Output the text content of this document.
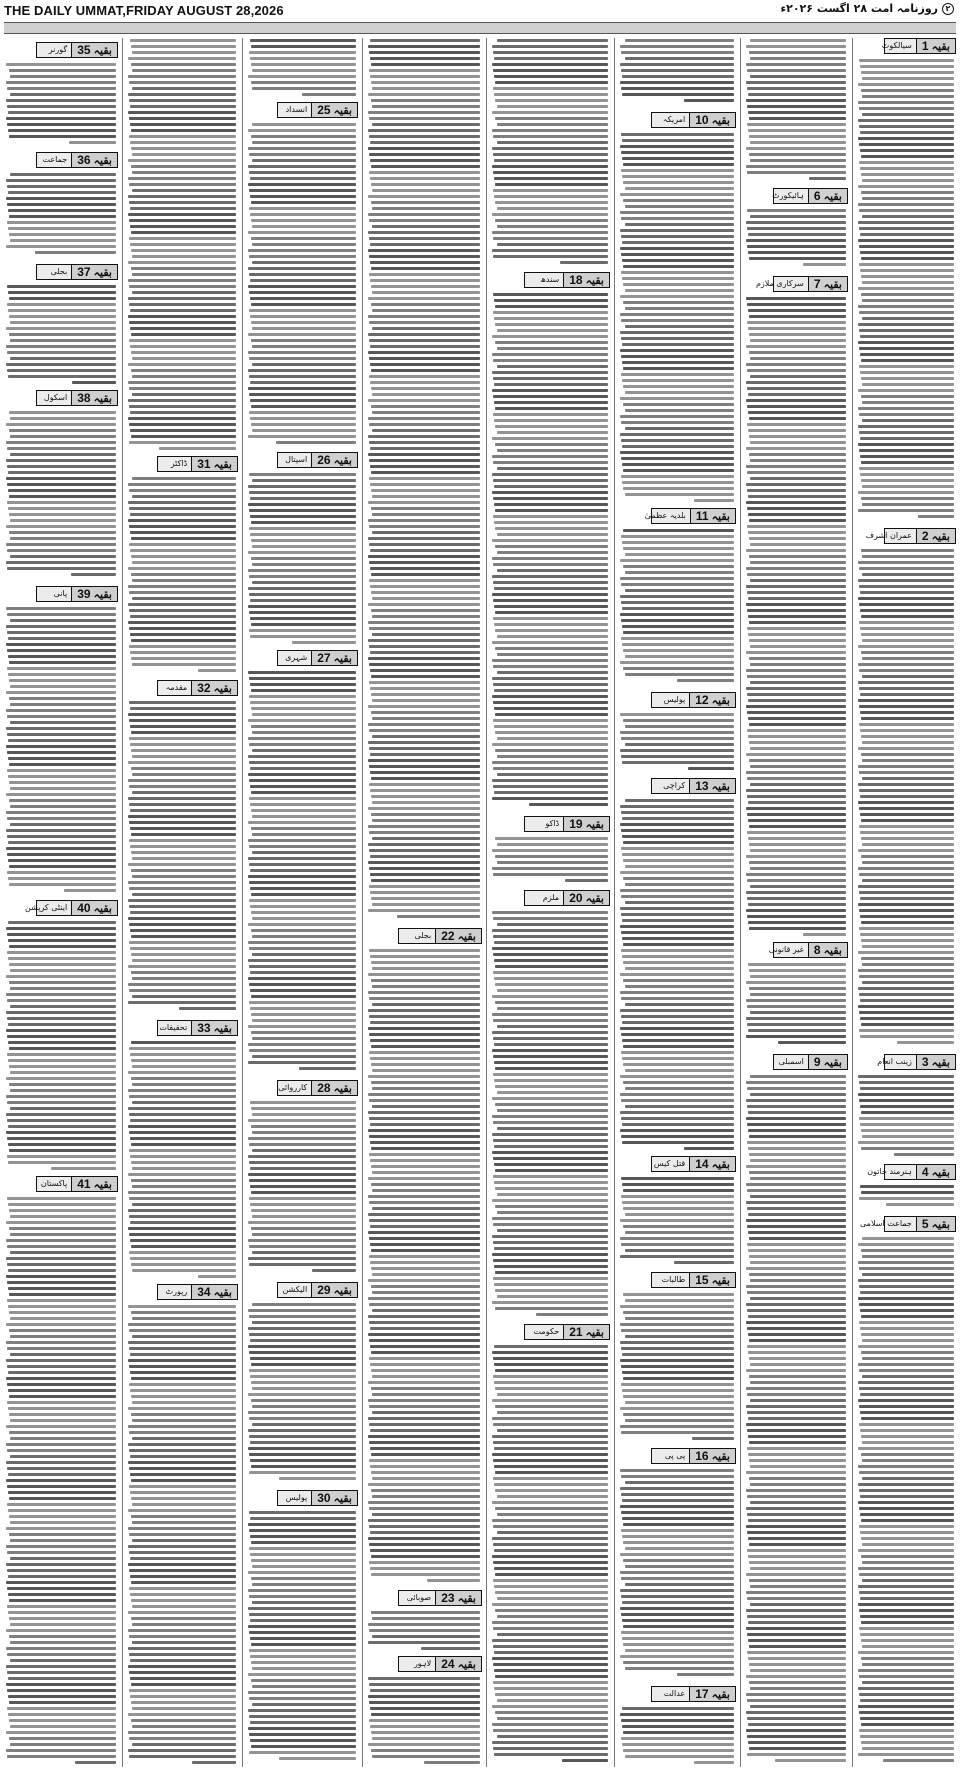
THE DAILY UMMAT,FRIDAY AUGUST 28,2026	۲
روزنامہ امت ۲۸ اگست ۲۰۲۶ء
بقیہ 35
گورنر
بقیہ 36
جماعت
بقیہ 37
بجلی
بقیہ 38
اسکول
بقیہ 39
پانی
بقیہ 40
اینٹی کرپشن
بقیہ 41
پاکستان
بقیہ 31
ڈاکٹر
بقیہ 32
مقدمہ
بقیہ 33
تحقیقات
بقیہ 34
رپورٹ
بقیہ 25
انسداد
بقیہ 26
اسپتال
بقیہ 27
شہری
بقیہ 28
کارروائی
بقیہ 29
الیکشن
بقیہ 30
پولیس
بقیہ 22
بجلی
بقیہ 23
صوبائی
بقیہ 24
لاہور
بقیہ 18
سندھ
بقیہ 19
ڈاکو
بقیہ 20
ملزم
بقیہ 21
حکومت
بقیہ 10
امریکہ
بقیہ 11
بلدیہ عظمیٰ
بقیہ 12
پولیس
بقیہ 13
کراچی
بقیہ 14
قتل کیس
بقیہ 15
طالبات
بقیہ 16
پی پی
بقیہ 17
عدالت
بقیہ 6
ہائیکورٹ
بقیہ 7
سرکاری ملازم
بقیہ 8
غیر قانونی
بقیہ 9
اسمبلی
بقیہ 1
سیالکوٹ
بقیہ 2
عمران اشرف
بقیہ 3
زینب انعام
بقیہ 4
ہنرمند خاتون
بقیہ 5
جماعت اسلامی
